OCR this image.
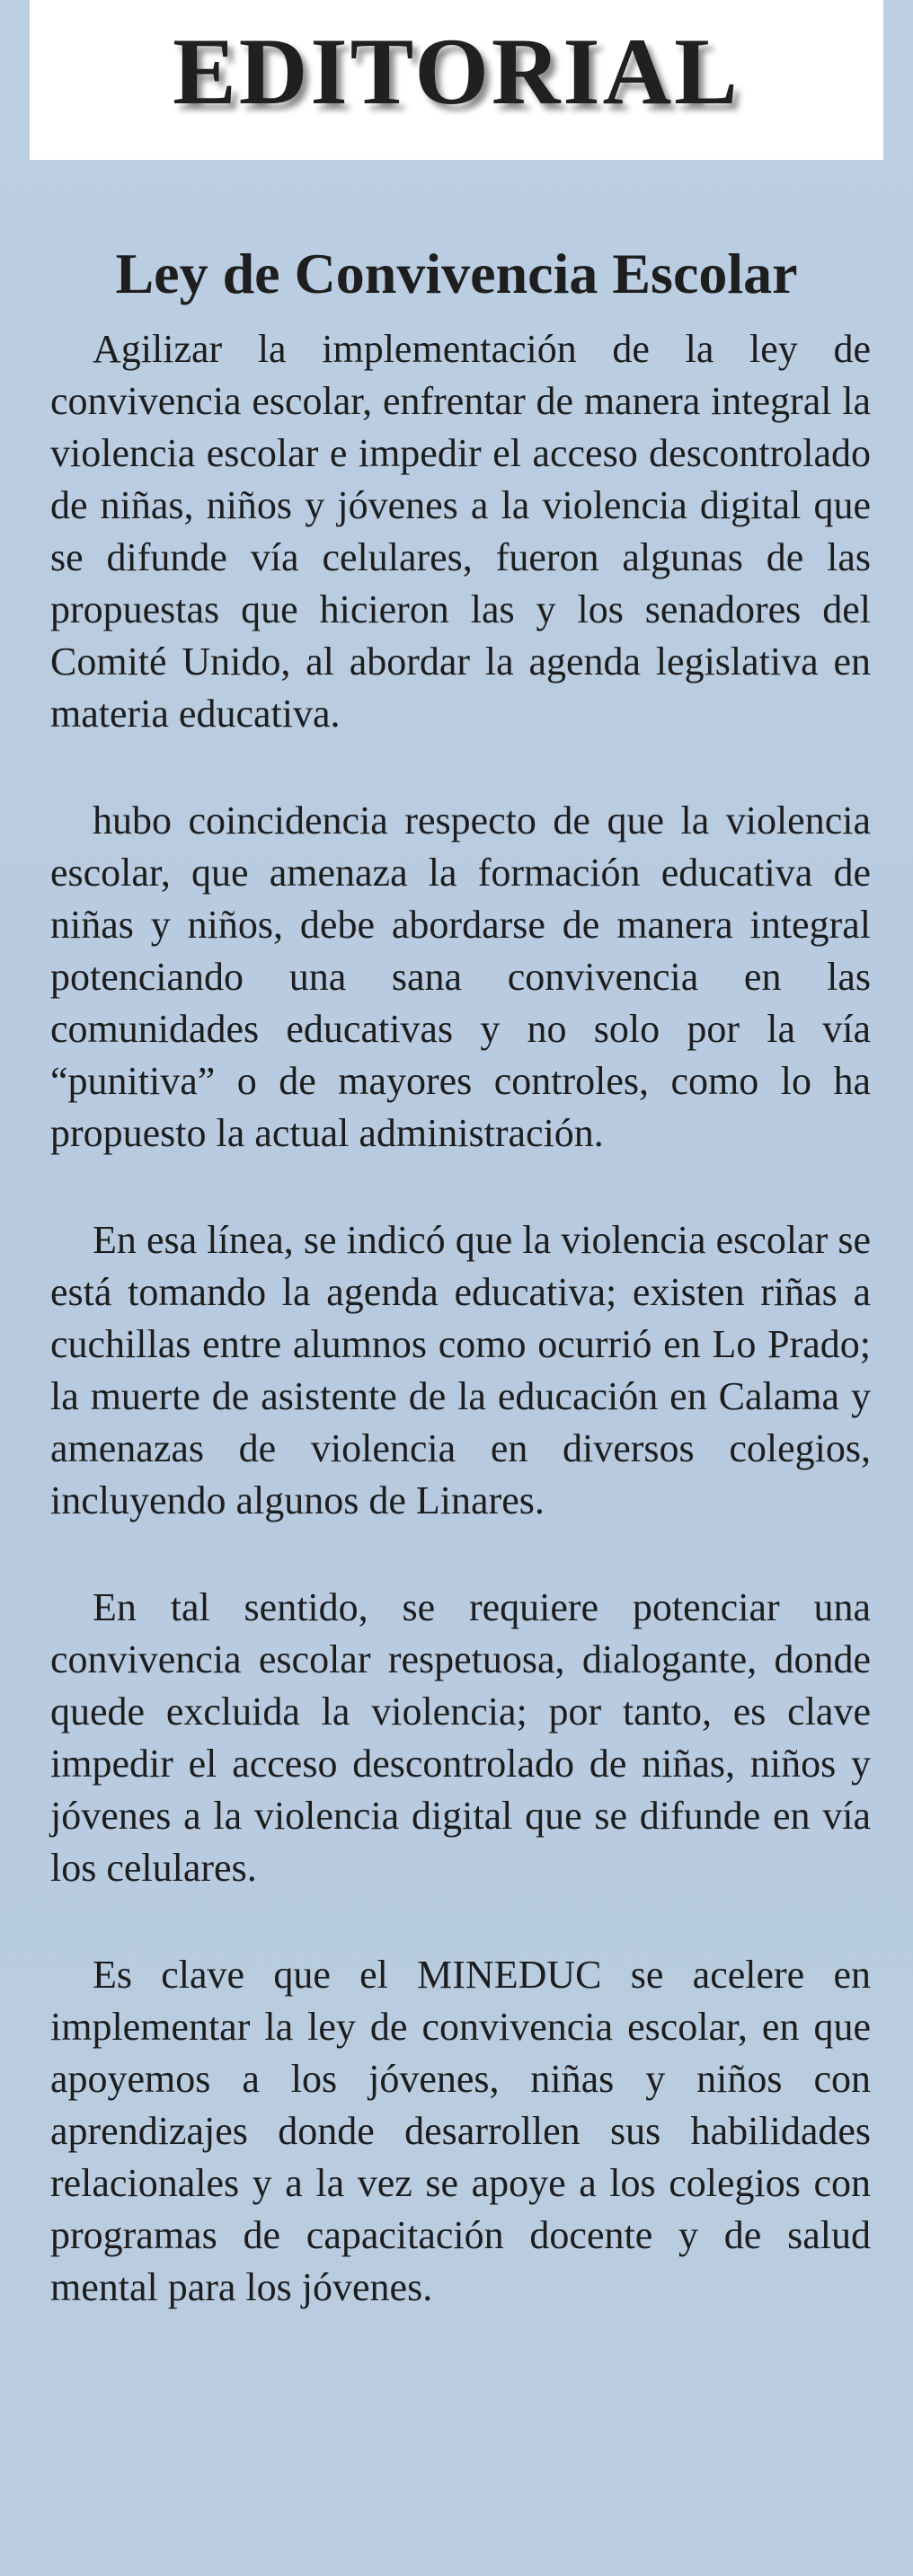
EDITORIAL
Ley de Convivencia Escolar

Agilizar la implementación de la ley de convivencia escolar, enfrentar de manera integral la violencia escolar e impedir el acceso descontrolado de niñas, niños y jóvenes a la violencia digital que se difunde vía celulares, fueron algunas de las propuestas que hicieron las y los senadores del Comité Unido, al abordar la agenda legislativa en materia educativa.

hubo coincidencia respecto de que la violencia escolar, que amenaza la formación educativa de niñas y niños, debe abordarse de manera integral potenciando una sana convivencia en las comunidades educativas y no solo por la vía “punitiva” o de mayores controles, como lo ha propuesto la actual administración.

En esa línea, se indicó que la violencia escolar se está tomando la agenda educativa; existen riñas a cuchillas entre alumnos como ocurrió en Lo Prado; la muerte de asistente de la educación en Calama y amenazas de violencia en diversos colegios, incluyendo algunos de Linares.

En tal sentido, se requiere potenciar una convivencia escolar respetuosa, dialogante, donde quede excluida la violencia; por tanto, es clave impedir el acceso descontrolado de niñas, niños y jóvenes a la violencia digital que se difunde en vía los celulares.

Es clave que el MINEDUC se acelere en implementar la ley de convivencia escolar, en que apoyemos a los jóvenes, niñas y niños con aprendizajes donde desarrollen sus habilidades relacionales y a la vez se apoye a los colegios con programas de capacitación docente y de salud mental para los jóvenes.
